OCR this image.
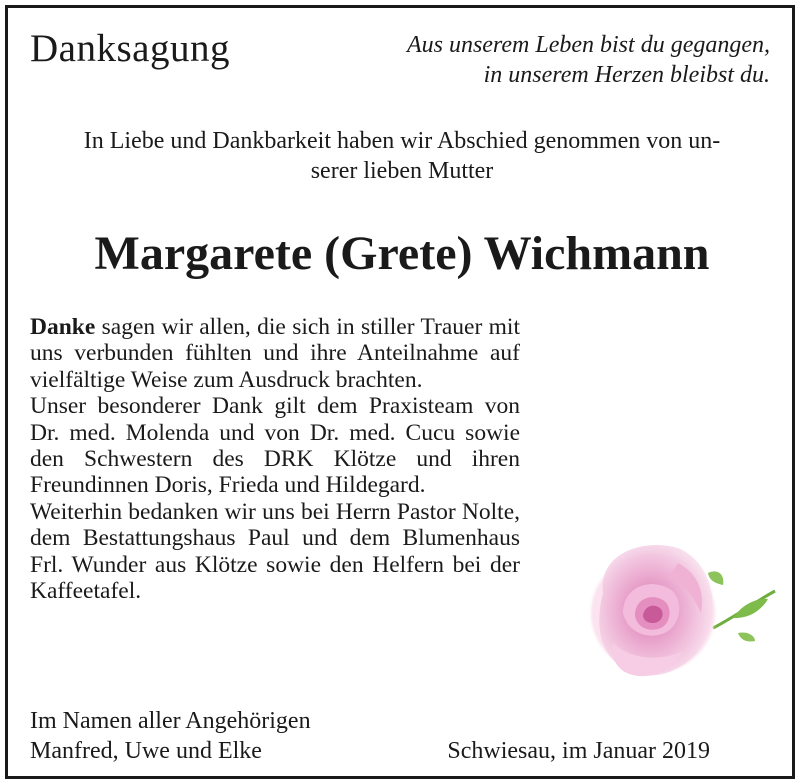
Danksagung	Aus unserem Leben bist du gegangen,
in unserem Herzen bleibst du.
In Liebe und Dankbarkeit haben wir Abschied genommen von un-
serer lieben Mutter
Margarete (Grete) Wichmann

Danke sagen wir allen, die sich in stiller Trauer mit uns verbunden fühlten und ihre Anteilnahme auf vielfältige Weise zum Ausdruck brachten.

Unser besonderer Dank gilt dem Praxisteam von Dr. med. Molenda und von Dr. med. Cucu sowie den Schwestern des DRK Klötze und ihren Freundinnen Doris, Frieda und Hildegard.

Weiterhin bedanken wir uns bei Herrn Pastor Nolte, dem Bestattungshaus Paul und dem Blumenhaus Frl. Wunder aus Klötze sowie den Helfern bei der Kaffeetafel.

Im Namen aller Angehörigen
Manfred, Uwe und Elke	Schwiesau, im Januar 2019
